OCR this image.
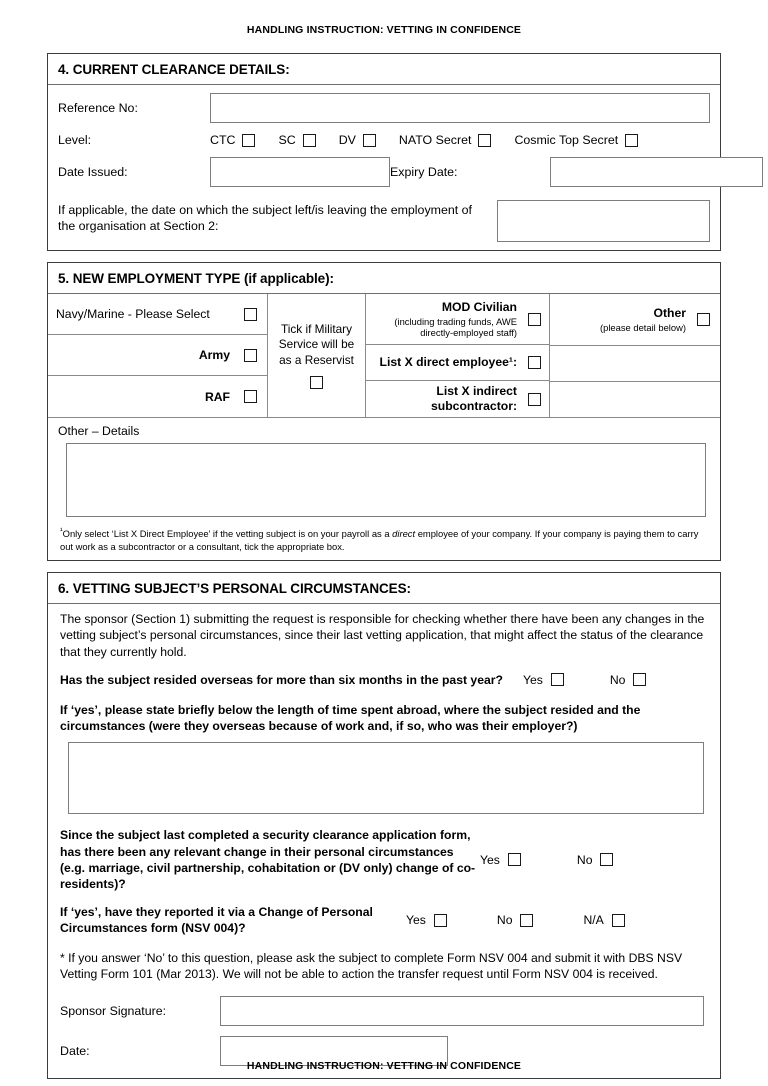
HANDLING INSTRUCTION: VETTING IN CONFIDENCE
4. CURRENT CLEARANCE DETAILS:
Reference No:
Level:	CTC	SC	DV	NATO Secret	Cosmic Top Secret
Date Issued:	Expiry Date:
If applicable, the date on which the subject left/is leaving the employment of the organisation at Section 2:
5. NEW EMPLOYMENT TYPE (if applicable):
Navy/Marine - Please Select
Army
RAF
Tick if Military Service will be as a Reservist
MOD Civilian
(including trading funds, AWE directly-employed staff)
List X direct employee¹:
List X indirect subcontractor:
Other
(please detail below)
Other – Details
¹Only select ‘List X Direct Employee’ if the vetting subject is on your payroll as a direct employee of your company. If your company is paying them to carry out work as a subcontractor or a consultant, tick the appropriate box.
6. VETTING SUBJECT’S PERSONAL CIRCUMSTANCES:
The sponsor (Section 1) submitting the request is responsible for checking whether there have been any changes in the vetting subject’s personal circumstances, since their last vetting application, that might affect the status of the clearance that they currently hold.
Has the subject resided overseas for more than six months in the past year? Yes	No
If ‘yes’, please state briefly below the length of time spent abroad, where the subject resided and the circumstances (were they overseas because of work and, if so, who was their employer?)
Since the subject last completed a security clearance application form, has there been any relevant change in their personal circumstances (e.g. marriage, civil partnership, cohabitation or (DV only) change of co-residents)?
Yes	No
If ‘yes’, have they reported it via a Change of Personal Circumstances form (NSV 004)?
Yes	No	N/A
* If you answer ‘No’ to this question, please ask the subject to complete Form NSV 004 and submit it with DBS NSV Vetting Form 101 (Mar 2013). We will not be able to action the transfer request until Form NSV 004 is received.
Sponsor Signature:
Date:
HANDLING INSTRUCTION: VETTING IN CONFIDENCE
